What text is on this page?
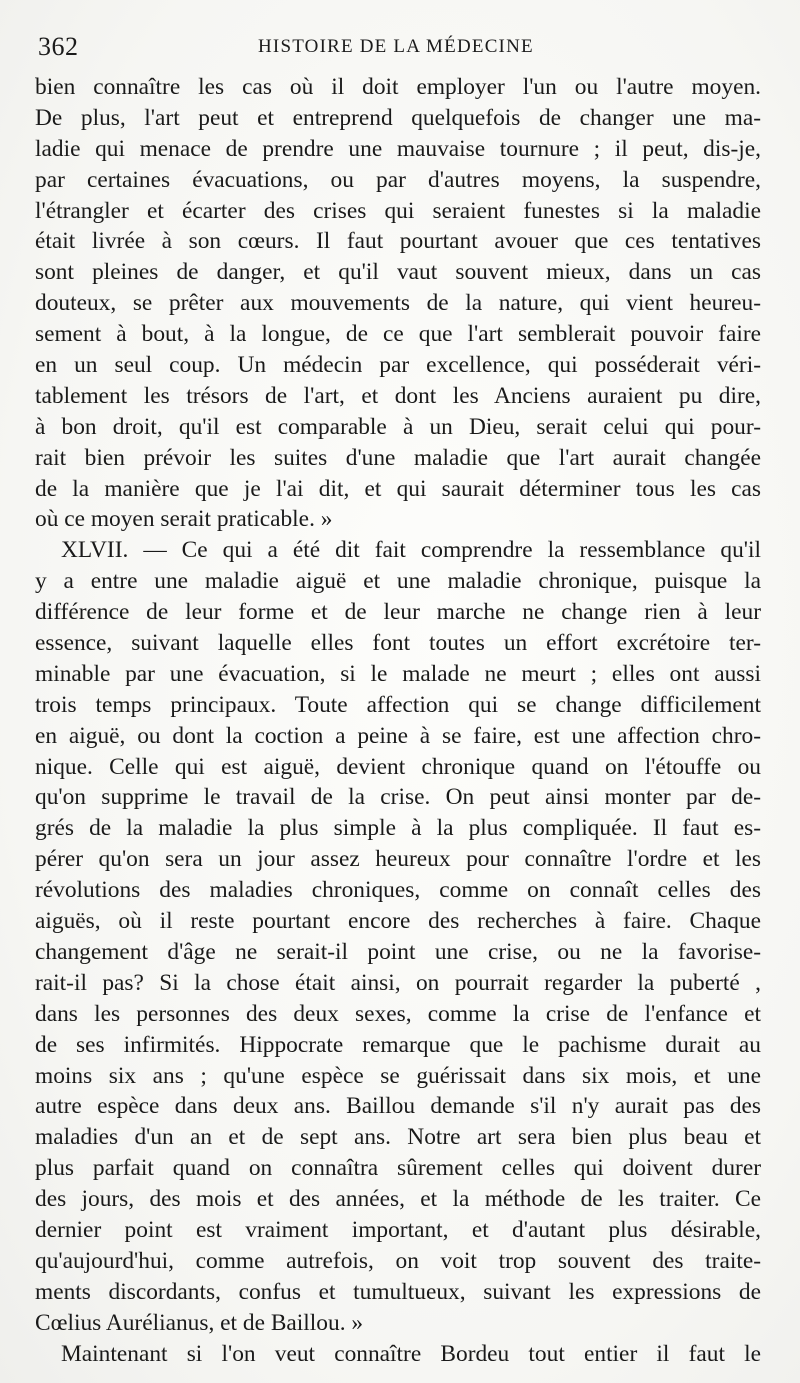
362	HISTOIRE DE LA MÉDECINE
bien connaître les cas où il doit employer l'un ou l'autre moyen.
De plus, l'art peut et entreprend quelquefois de changer une ma-
ladie qui menace de prendre une mauvaise tournure ; il peut, dis-je,
par certaines évacuations, ou par d'autres moyens, la suspendre,
l'étrangler et écarter des crises qui seraient funestes si la maladie
était livrée à son cœurs. Il faut pourtant avouer que ces tentatives
sont pleines de danger, et qu'il vaut souvent mieux, dans un cas
douteux, se prêter aux mouvements de la nature, qui vient heureu-
sement à bout, à la longue, de ce que l'art semblerait pouvoir faire
en un seul coup. Un médecin par excellence, qui posséderait véri-
tablement les trésors de l'art, et dont les Anciens auraient pu dire,
à bon droit, qu'il est comparable à un Dieu, serait celui qui pour-
rait bien prévoir les suites d'une maladie que l'art aurait changée
de la manière que je l'ai dit, et qui saurait déterminer tous les cas
où ce moyen serait praticable. »
XLVII. — Ce qui a été dit fait comprendre la ressemblance qu'il
y a entre une maladie aiguë et une maladie chronique, puisque la
différence de leur forme et de leur marche ne change rien à leur
essence, suivant laquelle elles font toutes un effort excrétoire ter-
minable par une évacuation, si le malade ne meurt ; elles ont aussi
trois temps principaux. Toute affection qui se change difficilement
en aiguë, ou dont la coction a peine à se faire, est une affection chro-
nique. Celle qui est aiguë, devient chronique quand on l'étouffe ou
qu'on supprime le travail de la crise. On peut ainsi monter par de-
grés de la maladie la plus simple à la plus compliquée. Il faut es-
pérer qu'on sera un jour assez heureux pour connaître l'ordre et les
révolutions des maladies chroniques, comme on connaît celles des
aiguës, où il reste pourtant encore des recherches à faire. Chaque
changement d'âge ne serait-il point une crise, ou ne la favorise-
rait-il pas? Si la chose était ainsi, on pourrait regarder la puberté ,
dans les personnes des deux sexes, comme la crise de l'enfance et
de ses infirmités. Hippocrate remarque que le pachisme durait au
moins six ans ; qu'une espèce se guérissait dans six mois, et une
autre espèce dans deux ans. Baillou demande s'il n'y aurait pas des
maladies d'un an et de sept ans. Notre art sera bien plus beau et
plus parfait quand on connaîtra sûrement celles qui doivent durer
des jours, des mois et des années, et la méthode de les traiter. Ce
dernier point est vraiment important, et d'autant plus désirable,
qu'aujourd'hui, comme autrefois, on voit trop souvent des traite-
ments discordants, confus et tumultueux, suivant les expressions de
Cœlius Aurélianus, et de Baillou. »
Maintenant si l'on veut connaître Bordeu tout entier il faut le
